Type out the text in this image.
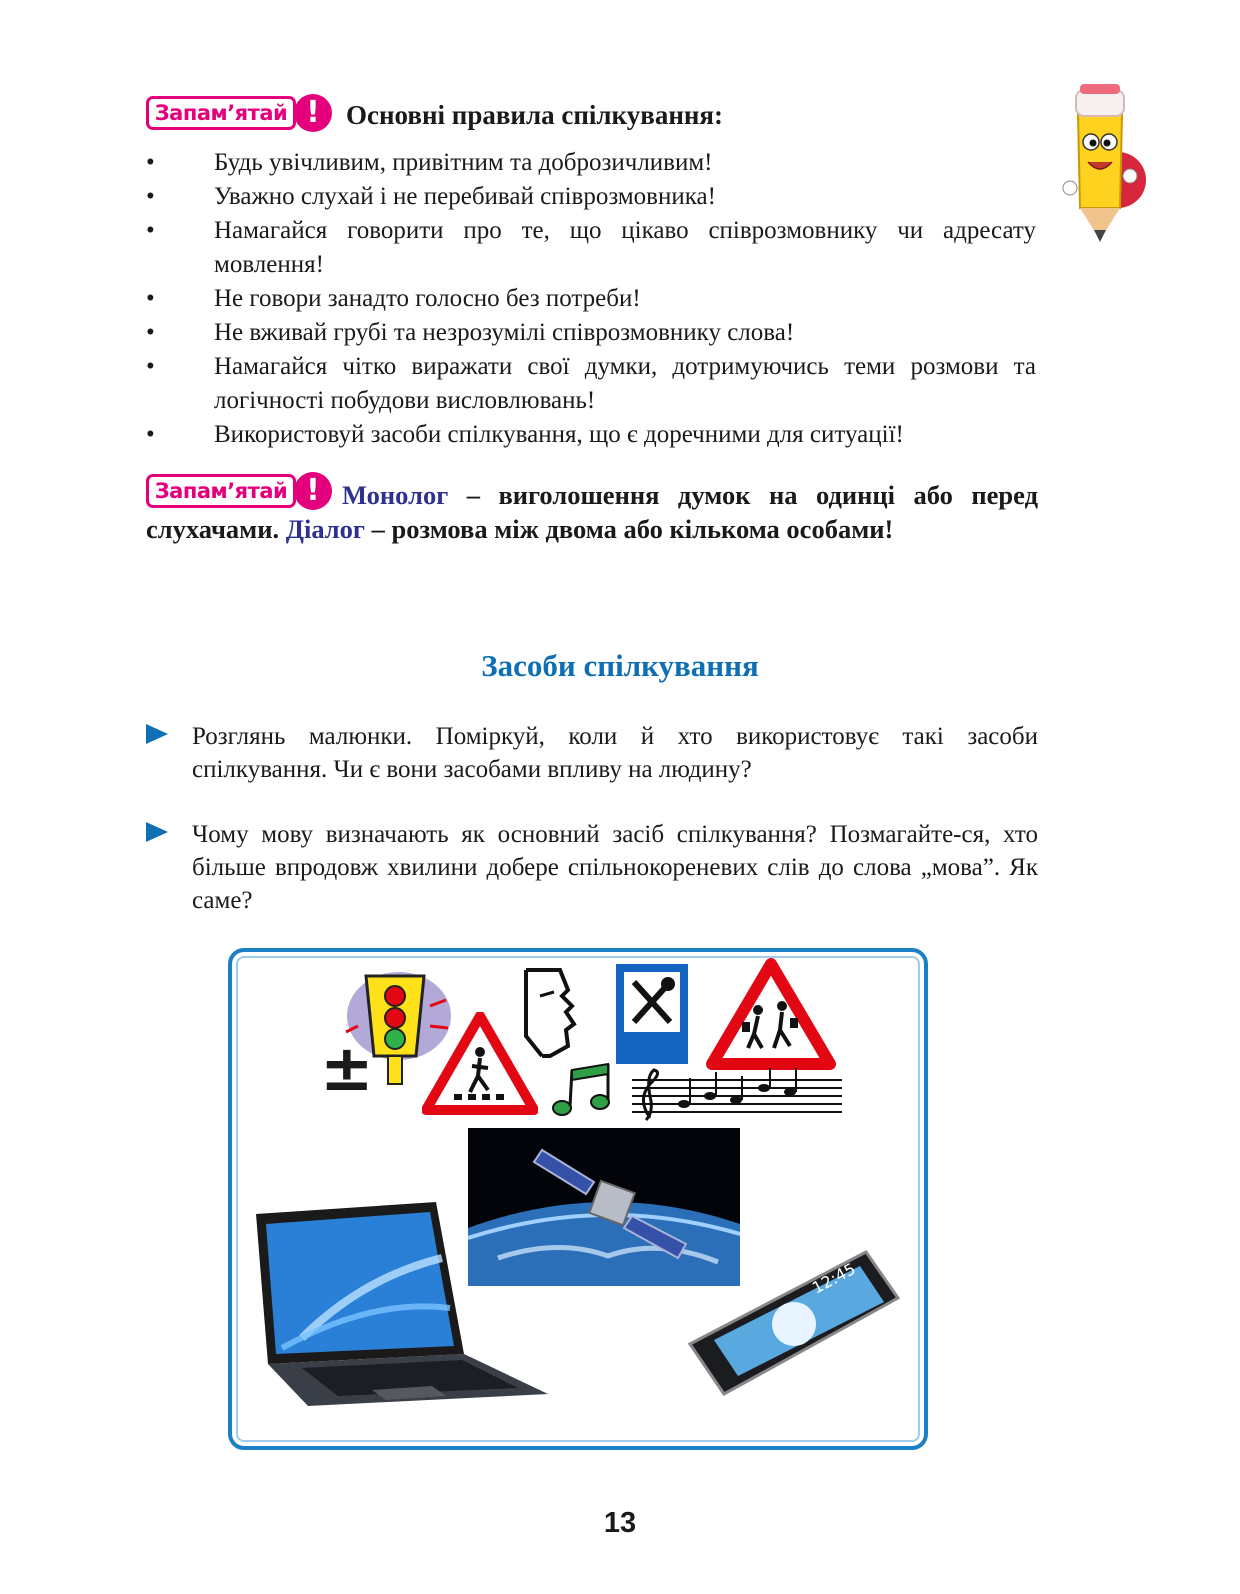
Запам’ятай ! Основні правила спілкування:
• Будь увічливим, привітним та доброзичливим!
• Уважно слухай і не перебивай співрозмовника!
• Намагайся говорити про те, що цікаво співрозмовнику чи адресату мовлення!
• Не говори занадто голосно без потреби!
• Не вживай грубі та незрозумілі співрозмовнику слова!
• Намагайся чітко виражати свої думки, дотримуючись теми розмови та логічності побудови висловлювань!
• Використовуй засоби спілкування, що є доречними для ситуації!
Запам’ятай ! Монолог – виголошення думок на одинці або перед слухачами. Діалог – розмова між двома або кількома особами!
Засоби спілкування
Розглянь малюнки. Поміркуй, коли й хто використовує такі засоби спілкування. Чи є вони засобами впливу на людину?
Чому мову визначають як основний засіб спілкування? Позмагайте-ся, хто більше впродовж хвилини добере спільнокореневих слів до слова „мова”. Як саме?
±
12:45
13
